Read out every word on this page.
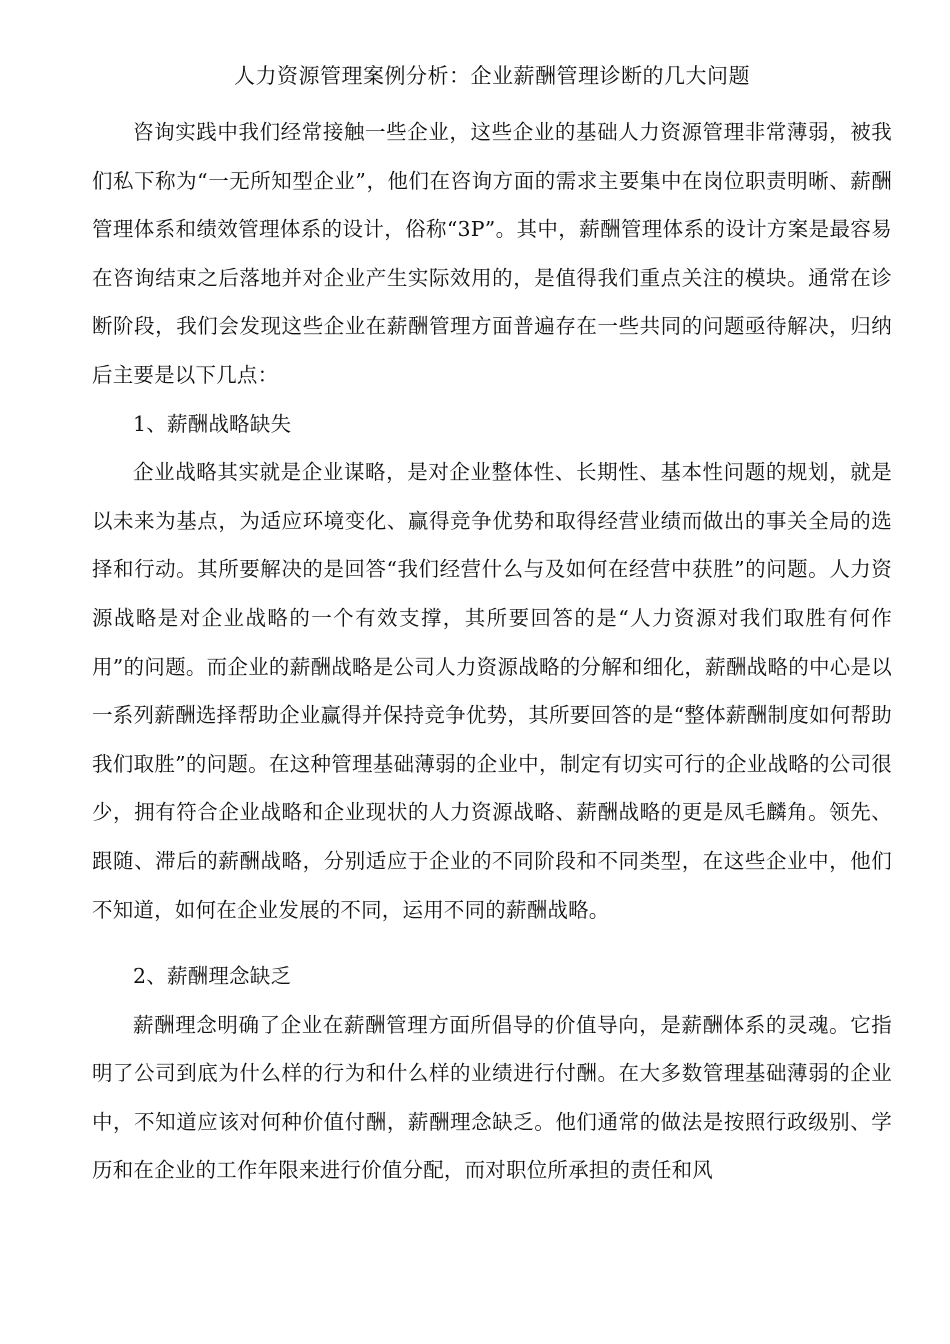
人力资源管理案例分析：企业薪酬管理诊断的几大问题

咨询实践中我们经常接触一些企业，这些企业的基础人力资源管理非常薄弱，被我们私下称为“一无所知型企业”，他们在咨询方面的需求主要集中在岗位职责明晰、薪酬管理体系和绩效管理体系的设计，俗称“3P”。其中，薪酬管理体系的设计方案是最容易在咨询结束之后落地并对企业产生实际效用的，是值得我们重点关注的模块。通常在诊断阶段，我们会发现这些企业在薪酬管理方面普遍存在一些共同的问题亟待解决，归纳后主要是以下几点：

1、薪酬战略缺失

企业战略其实就是企业谋略，是对企业整体性、长期性、基本性问题的规划，就是以未来为基点，为适应环境变化、赢得竞争优势和取得经营业绩而做出的事关全局的选择和行动。其所要解决的是回答“我们经营什么与及如何在经营中获胜”的问题。人力资源战略是对企业战略的一个有效支撑，其所要回答的是“人力资源对我们取胜有何作用”的问题。而企业的薪酬战略是公司人力资源战略的分解和细化，薪酬战略的中心是以一系列薪酬选择帮助企业赢得并保持竞争优势，其所要回答的是“整体薪酬制度如何帮助我们取胜”的问题。在这种管理基础薄弱的企业中，制定有切实可行的企业战略的公司很少，拥有符合企业战略和企业现状的人力资源战略、薪酬战略的更是凤毛麟角。领先、跟随、滞后的薪酬战略，分别适应于企业的不同阶段和不同类型，在这些企业中，他们不知道，如何在企业发展的不同，运用不同的薪酬战略。

2、薪酬理念缺乏

薪酬理念明确了企业在薪酬管理方面所倡导的价值导向，是薪酬体系的灵魂。它指明了公司到底为什么样的行为和什么样的业绩进行付酬。在大多数管理基础薄弱的企业中，不知道应该对何种价值付酬，薪酬理念缺乏。他们通常的做法是按照行政级别、学历和在企业的工作年限来进行价值分配，而对职位所承担的责任和风
